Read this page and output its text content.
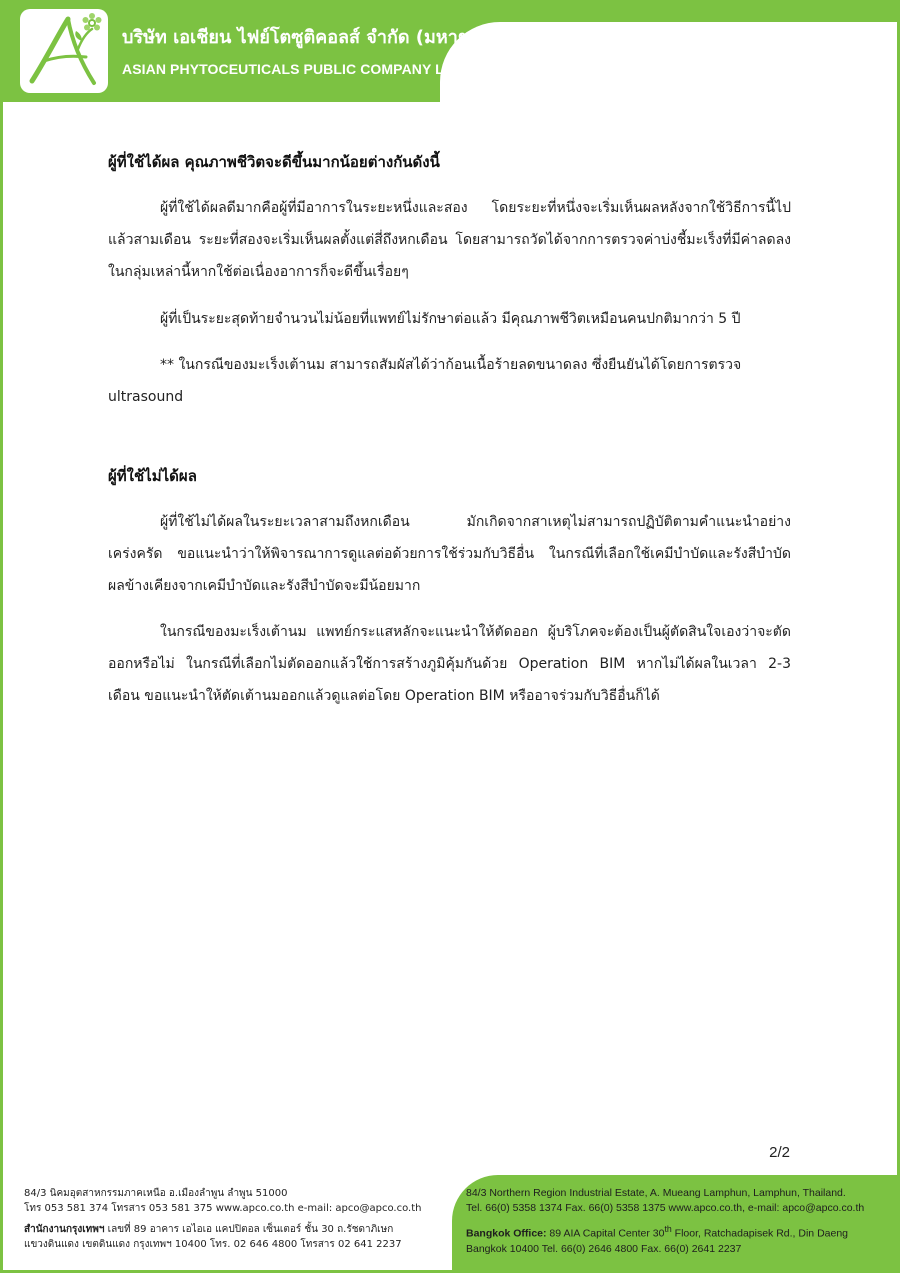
บริษัท เอเชียน ไฟย์โตซูติคอลส์ จำกัด (มหาชน)
ASIAN PHYTOCEUTICALS PUBLIC COMPANY LIMITED
ผู้ที่ใช้ได้ผล คุณภาพชีวิตจะดีขึ้นมากน้อยต่างกันดังนี้
ผู้ที่ใช้ได้ผลดีมากคือผู้ที่มีอาการในระยะหนึ่งและสอง โดยระยะที่หนึ่งจะเริ่มเห็นผลหลังจากใช้วิธีการนี้ไปแล้วสามเดือน ระยะที่สองจะเริ่มเห็นผลตั้งแต่สี่ถึงหกเดือน โดยสามารถวัดได้จากการตรวจค่าบ่งชี้มะเร็งที่มีค่าลดลง ในกลุ่มเหล่านี้หากใช้ต่อเนื่องอาการก็จะดีขึ้นเรื่อยๆ
ผู้ที่เป็นระยะสุดท้ายจำนวนไม่น้อยที่แพทย์ไม่รักษาต่อแล้ว มีคุณภาพชีวิตเหมือนคนปกติมากว่า 5 ปี
** ในกรณีของมะเร็งเต้านม สามารถสัมผัสได้ว่าก้อนเนื้อร้ายลดขนาดลง ซึ่งยืนยันได้โดยการตรวจ ultrasound
ผู้ที่ใช้ไม่ได้ผล
ผู้ที่ใช้ไม่ได้ผลในระยะเวลาสามถึงหกเดือน มักเกิดจากสาเหตุไม่สามารถปฏิบัติตามคำแนะนำอย่างเคร่งครัด ขอแนะนำว่าให้พิจารณาการดูแลต่อด้วยการใช้ร่วมกับวิธีอื่น ในกรณีที่เลือกใช้เคมีบำบัดและรังสีบำบัด ผลข้างเคียงจากเคมีบำบัดและรังสีบำบัดจะมีน้อยมาก
ในกรณีของมะเร็งเต้านม แพทย์กระแสหลักจะแนะนำให้ตัดออก ผู้บริโภคจะต้องเป็นผู้ตัดสินใจเองว่าจะตัดออกหรือไม่ ในกรณีที่เลือกไม่ตัดออกแล้วใช้การสร้างภูมิคุ้มกันด้วย Operation BIM หากไม่ได้ผลในเวลา 2-3 เดือน ขอแนะนำให้ตัดเต้านมออกแล้วดูแลต่อโดย Operation BIM หรืออาจร่วมกับวิธีอื่นก็ได้
2/2
84/3 นิคมอุตสาหกรรมภาคเหนือ อ.เมืองลำพูน ลำพูน 51000
โทร 053 581 374 โทรสาร 053 581 375 www.apco.co.th e-mail: apco@apco.co.th
สำนักงานกรุงเทพฯ เลขที่ 89 อาคาร เอไอเอ แคปปิตอล เซ็นเตอร์ ชั้น 30 ถ.รัชดาภิเษก
แขวงดินแดง เขตดินแดง กรุงเทพฯ 10400 โทร. 02 646 4800 โทรสาร 02 641 2237
84/3 Northern Region Industrial Estate, A. Mueang Lamphun, Lamphun, Thailand.
Tel. 66(0) 5358 1374 Fax. 66(0) 5358 1375 www.apco.co.th, e-mail: apco@apco.co.th
Bangkok Office: 89 AIA Capital Center 30th Floor, Ratchadapisek Rd., Din Daeng
Bangkok 10400 Tel. 66(0) 2646 4800 Fax. 66(0) 2641 2237
